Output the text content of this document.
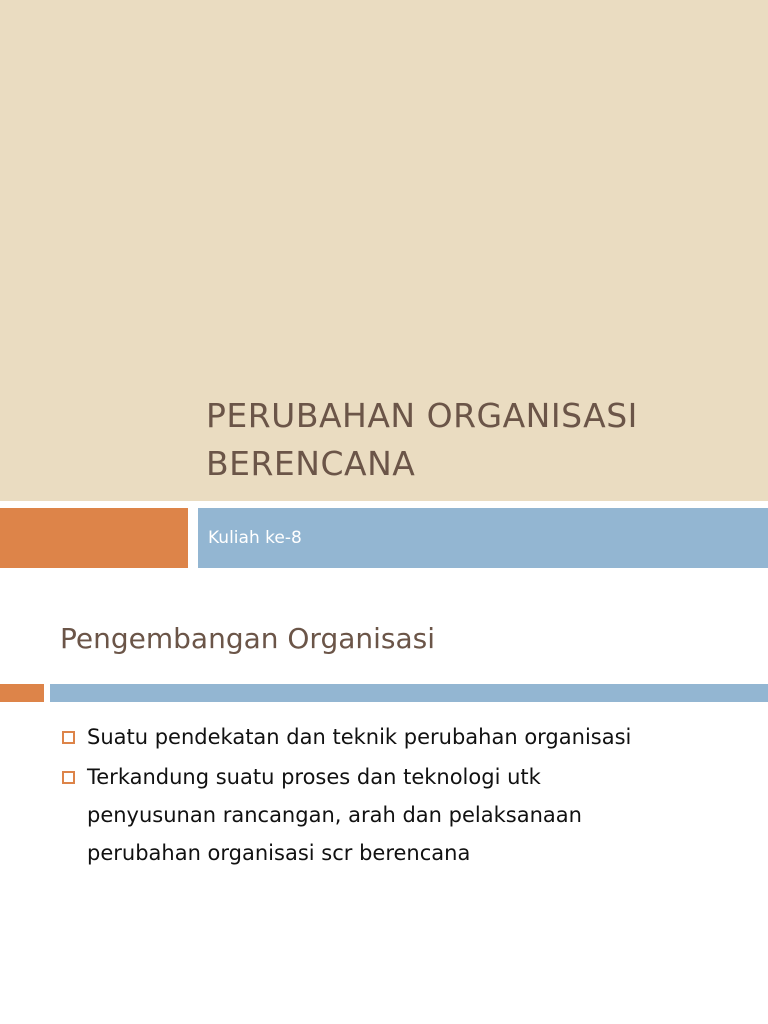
PERUBAHAN ORGANISASI
BERENCANA
Kuliah ke-8
Pengembangan Organisasi
Suatu pendekatan dan teknik perubahan organisasi
Terkandung suatu proses dan teknologi utk
penyusunan rancangan, arah dan pelaksanaan
perubahan organisasi scr berencana
